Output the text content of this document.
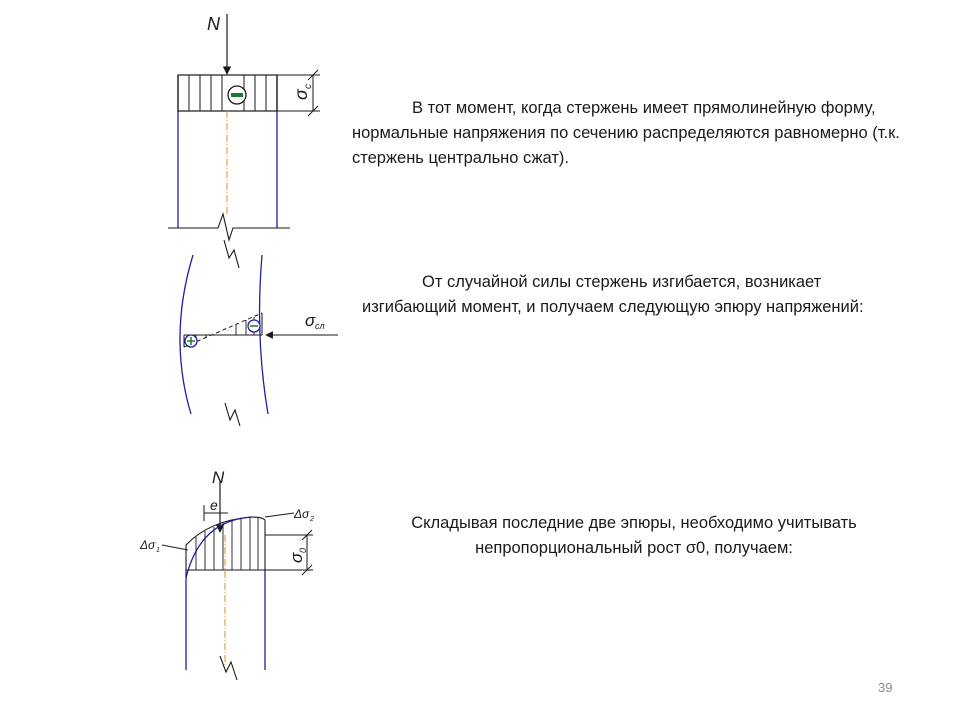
N
σ
c
σ cл
N
e
Δσ 1
Δσ 2
σ
0

В тот момент, когда стержень имеет прямолинейную форму, нормальные напряжения по сечению распределяются равномерно (т.к. стержень центрально сжат).

От случайной силы стержень изгибается, возникает изгибающий момент, и получаем следующую эпюру напряжений:

Складывая последние две эпюры, необходимо учитывать непропорциональный рост σ0, получаем:

39
